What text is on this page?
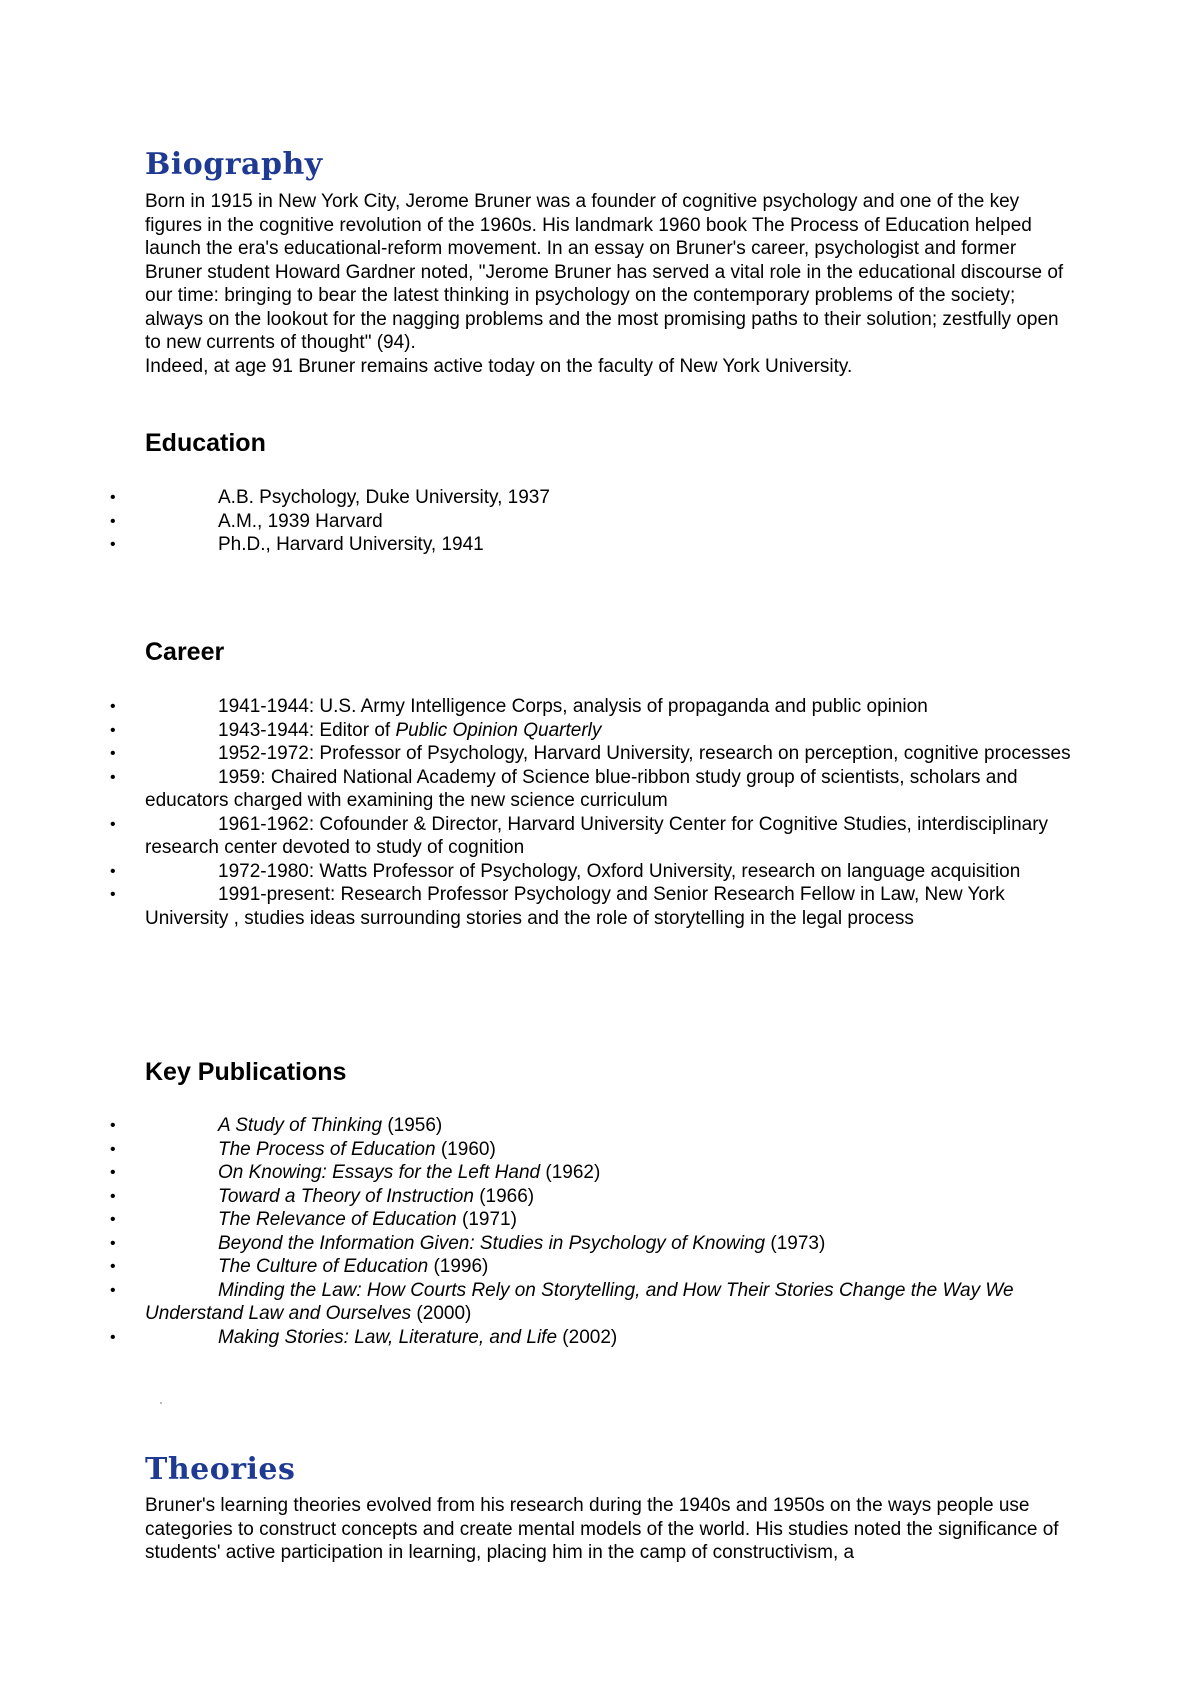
Biography

Born in 1915 in New York City, Jerome Bruner was a founder of cognitive psychology and one of the key figures in the cognitive revolution of the 1960s. His landmark 1960 book The Process of Education helped launch the era's educational-reform movement. In an essay on Bruner's career, psychologist and former Bruner student Howard Gardner noted, "Jerome Bruner has served a vital role in the educational discourse of our time: bringing to bear the latest thinking in psychology on the contemporary problems of the society; always on the lookout for the nagging problems and the most promising paths to their solution; zestfully open to new currents of thought" (94).

Indeed, at age 91 Bruner remains active today on the faculty of New York University.

Education
•	A.B. Psychology, Duke University, 1937
•	A.M., 1939 Harvard
•	Ph.D., Harvard University, 1941
Career
•	1941-1944: U.S. Army Intelligence Corps, analysis of propaganda and public opinion
•	1943-1944: Editor of Public Opinion Quarterly
•	1952-1972: Professor of Psychology, Harvard University, research on perception, cognitive processes
•	1959: Chaired National Academy of Science blue-ribbon study group of scientists, scholars and educators charged with examining the new science curriculum
•	1961-1962: Cofounder & Director, Harvard University Center for Cognitive Studies, interdisciplinary research center devoted to study of cognition
•	1972-1980: Watts Professor of Psychology, Oxford University, research on language acquisition
•	1991-present: Research Professor Psychology and Senior Research Fellow in Law, New York University , studies ideas surrounding stories and the role of storytelling in the legal process
Key Publications
•	A Study of Thinking (1956)
•	The Process of Education (1960)
•	On Knowing: Essays for the Left Hand (1962)
•	Toward a Theory of Instruction (1966)
•	The Relevance of Education (1971)
•	Beyond the Information Given: Studies in Psychology of Knowing (1973)
•	The Culture of Education (1996)
•	Minding the Law: How Courts Rely on Storytelling, and How Their Stories Change the Way We Understand Law and Ourselves (2000)
•	Making Stories: Law, Literature, and Life (2002)
Theories

Bruner's learning theories evolved from his research during the 1940s and 1950s on the ways people use categories to construct concepts and create mental models of the world. His studies noted the significance of students' active participation in learning, placing him in the camp of constructivism, a
